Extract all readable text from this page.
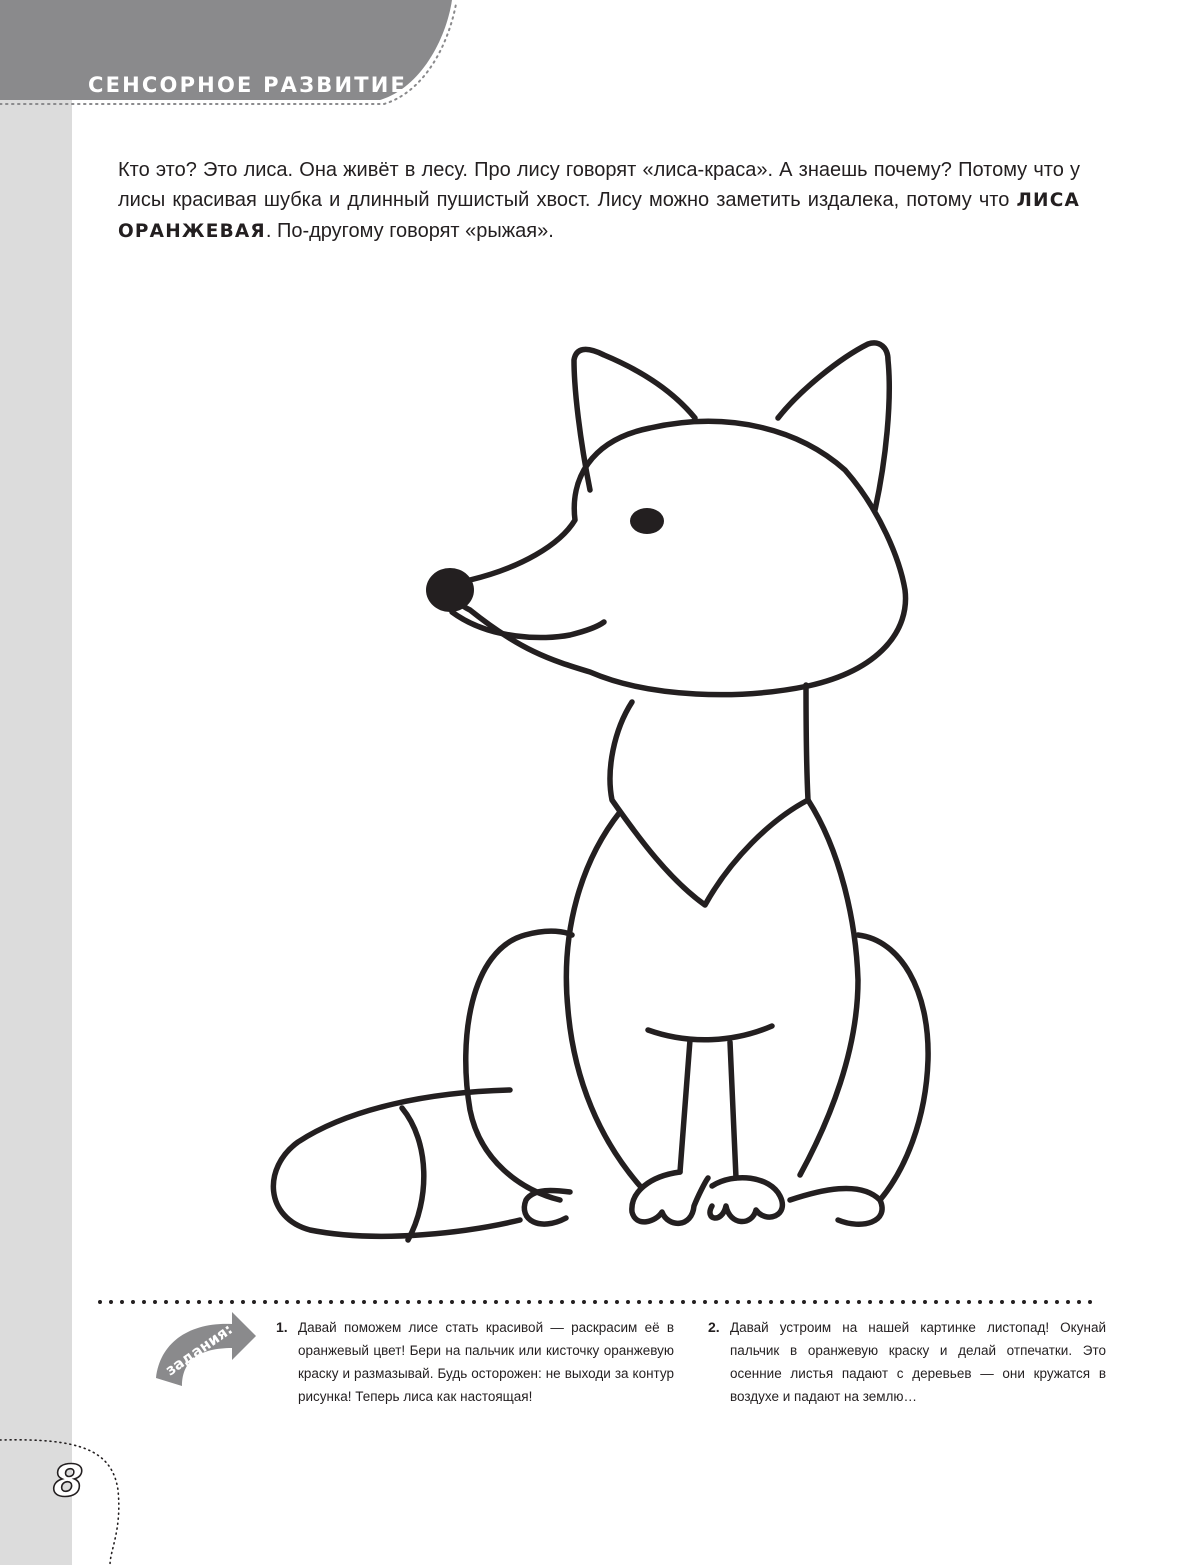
СЕНСОРНОЕ РАЗВИТИЕ

Кто это? Это лиса. Она живёт в лесу. Про лису говорят «лиса-краса». А знаешь почему? Потому что у лисы красивая шубка и длинный пушистый хвост. Лису можно заметить издалека, потому что ЛИСА ОРАНЖЕВАЯ. По-другому говорят «рыжая».

задания:	1. Давай поможем лисе стать красивой — раскрасим её в оранжевый цвет! Бери на пальчик или кисточку оранжевую краску и размазывай. Будь осторожен: не выходи за контур рисунка! Теперь лиса как настоящая!
2. Давай устроим на нашей картинке листопад! Окунай пальчик в оранжевую краску и делай отпечатки. Это осенние листья падают с деревьев — они кружатся в воздухе и падают на землю…
8
